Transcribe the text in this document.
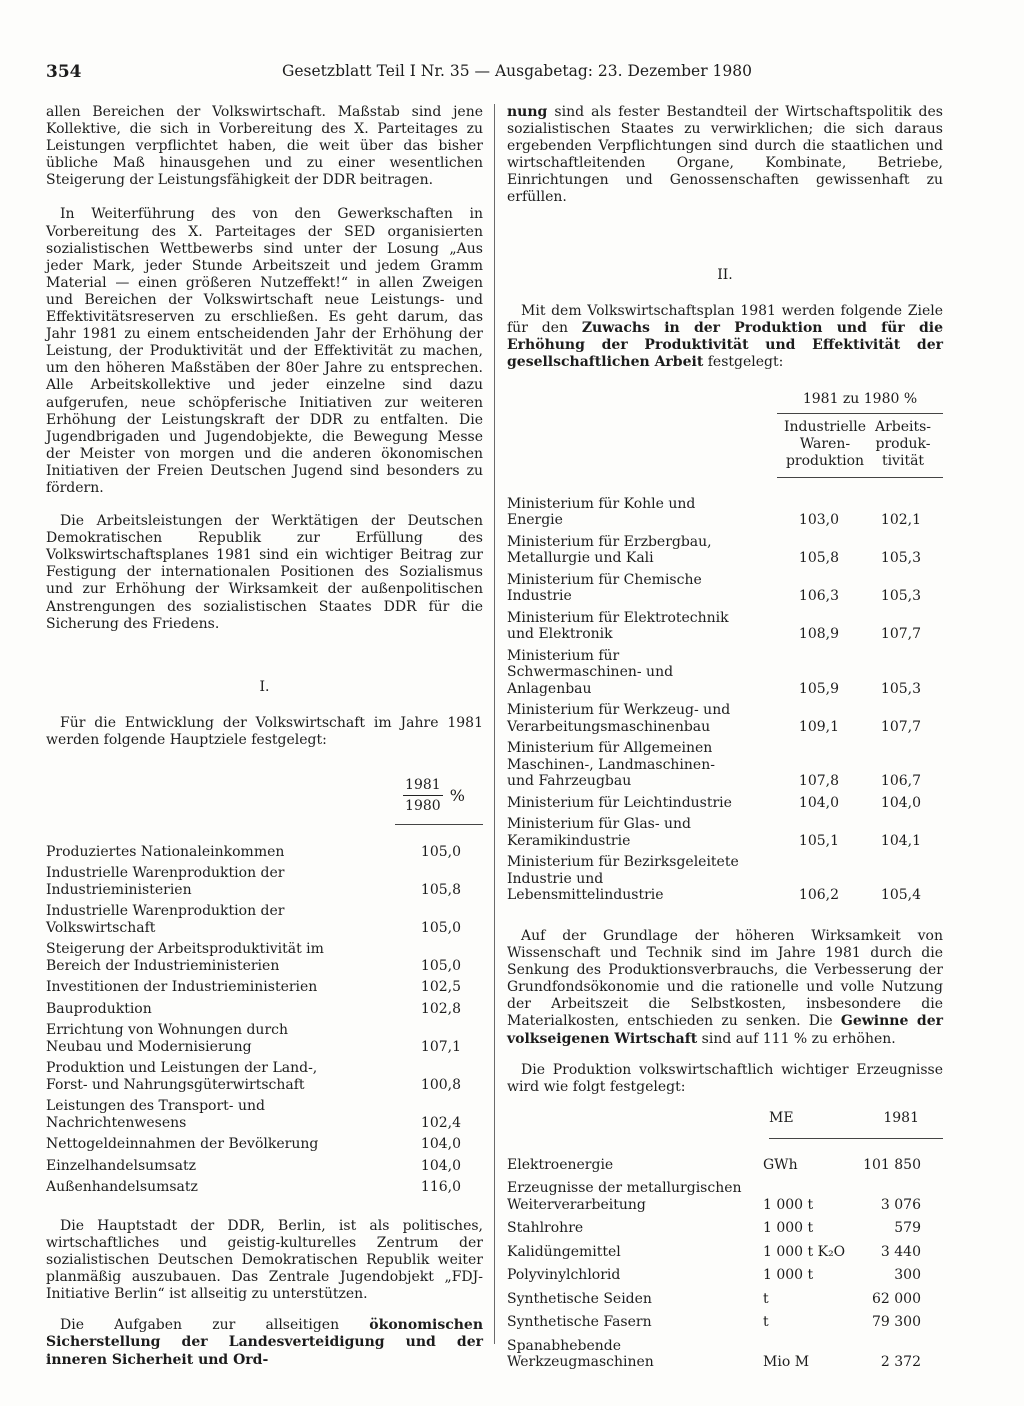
354	Gesetzblatt Teil I Nr. 35 — Ausgabetag: 23. Dezember 1980

allen Bereichen der Volkswirtschaft. Maßstab sind jene Kollektive, die sich in Vorbereitung des X. Parteitages zu Leistungen verpflichtet haben, die weit über das bisher übliche Maß hinausgehen und zu einer wesentlichen Steigerung der Leistungsfähigkeit der DDR beitragen.

In Weiterführung des von den Gewerkschaften in Vorbereitung des X. Parteitages der SED organisierten sozialistischen Wettbewerbs sind unter der Losung „Aus jeder Mark, jeder Stunde Arbeitszeit und jedem Gramm Material — einen größeren Nutzeffekt!“ in allen Zweigen und Bereichen der Volkswirtschaft neue Leistungs- und Effektivitätsreserven zu erschließen. Es geht darum, das Jahr 1981 zu einem entscheidenden Jahr der Erhöhung der Leistung, der Produktivität und der Effektivität zu machen, um den höheren Maßstäben der 80er Jahre zu entsprechen. Alle Arbeitskollektive und jeder einzelne sind dazu aufgerufen, neue schöpferische Initiativen zur weiteren Erhöhung der Leistungskraft der DDR zu entfalten. Die Jugendbrigaden und Jugendobjekte, die Bewegung Messe der Meister von morgen und die anderen ökonomischen Initiativen der Freien Deutschen Jugend sind besonders zu fördern.

Die Arbeitsleistungen der Werktätigen der Deutschen Demokratischen Republik zur Erfüllung des Volkswirtschaftsplanes 1981 sind ein wichtiger Beitrag zur Festigung der internationalen Positionen des Sozialismus und zur Erhöhung der Wirksamkeit der außenpolitischen Anstrengungen des sozialistischen Staates DDR für die Sicherung des Friedens.

I.

Für die Entwicklung der Volkswirtschaft im Jahre 1981 werden folgende Hauptziele festgelegt:

$\frac{1981}{1980}$ %
Produziertes Nationaleinkommen	105,0
Industrielle Warenproduktion der Industrieministerien	105,8
Industrielle Warenproduktion der Volkswirtschaft	105,0
Steigerung der Arbeitsproduktivität im Bereich der Industrieministerien	105,0
Investitionen der Industrieministerien	102,5
Bauproduktion	102,8
Errichtung von Wohnungen durch Neubau und Modernisierung	107,1
Produktion und Leistungen der Land-, Forst- und Nahrungsgüterwirtschaft	100,8
Leistungen des Transport- und Nachrichtenwesens	102,4
Nettogeldeinnahmen der Bevölkerung	104,0
Einzelhandelsumsatz	104,0
Außenhandelsumsatz	116,0

Die Hauptstadt der DDR, Berlin, ist als politisches, wirtschaftliches und geistig-kulturelles Zentrum der sozialistischen Deutschen Demokratischen Republik weiter planmäßig auszubauen. Das Zentrale Jugendobjekt „FDJ-Initiative Berlin“ ist allseitig zu unterstützen.

Die Aufgaben zur allseitigen ökonomischen Sicherstellung der Landesverteidigung und der inneren Sicherheit und Ord-

nung sind als fester Bestandteil der Wirtschaftspolitik des sozialistischen Staates zu verwirklichen; die sich daraus ergebenden Verpflichtungen sind durch die staatlichen und wirtschaftleitenden Organe, Kombinate, Betriebe, Einrichtungen und Genossenschaften gewissenhaft zu erfüllen.

II.

Mit dem Volkswirtschaftsplan 1981 werden folgende Ziele für den Zuwachs in der Produktion und für die Erhöhung der Produktivität und Effektivität der gesellschaftlichen Arbeit festgelegt:

1981 zu 1980 %
Industrielle Waren- produktion
Arbeits- produk- tivität
Ministerium für Kohle und Energie	103,0	102,1
Ministerium für Erzbergbau, Metallurgie und Kali	105,8	105,3
Ministerium für Chemische Industrie	106,3	105,3
Ministerium für Elektrotechnik und Elektronik	108,9	107,7
Ministerium für Schwermaschinen- und Anlagenbau	105,9	105,3
Ministerium für Werkzeug- und Verarbeitungsmaschinenbau	109,1	107,7
Ministerium für Allgemeinen Maschinen-, Landmaschinen- und Fahrzeugbau	107,8	106,7
Ministerium für Leichtindustrie	104,0	104,0
Ministerium für Glas- und Keramikindustrie	105,1	104,1
Ministerium für Bezirksgeleitete Industrie und Lebensmittelindustrie	106,2	105,4

Auf der Grundlage der höheren Wirksamkeit von Wissenschaft und Technik sind im Jahre 1981 durch die Senkung des Produktionsverbrauchs, die Verbesserung der Grundfondsökonomie und die rationelle und volle Nutzung der Arbeitszeit die Selbstkosten, insbesondere die Materialkosten, entschieden zu senken. Die Gewinne der volkseigenen Wirtschaft sind auf 111 % zu erhöhen.

Die Produktion volkswirtschaftlich wichtiger Erzeugnisse wird wie folgt festgelegt:

ME	1981
Elektroenergie	GWh	101 850
Erzeugnisse der metallurgischen Weiterverarbeitung	1 000 t	3 076
Stahlrohre	1 000 t	579
Kalidüngemittel	1 000 t K₂O	3 440
Polyvinylchlorid	1 000 t	300
Synthetische Seiden	t	62 000
Synthetische Fasern	t	79 300
Spanabhebende Werkzeugmaschinen	Mio M	2 372
